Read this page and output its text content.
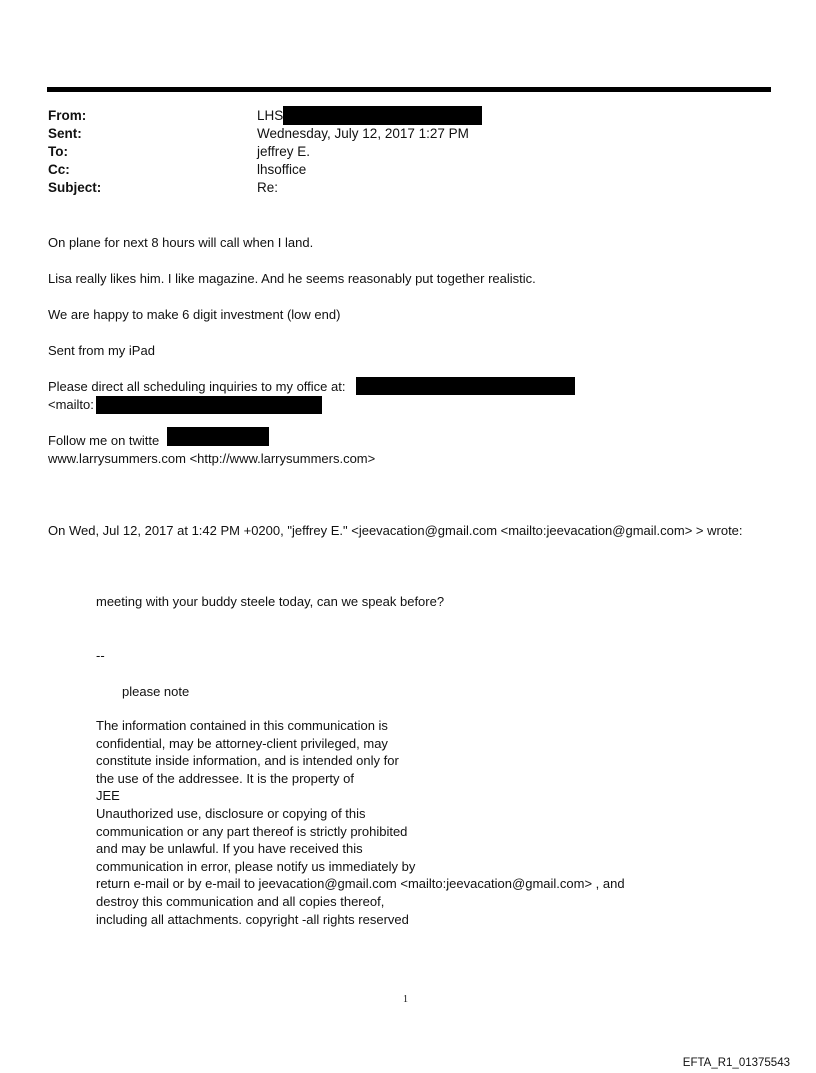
From:	LHS
Sent:	Wednesday, July 12, 2017 1:27 PM
To:	jeffrey E.
Cc:	lhsoffice
Subject:	Re:
On plane for next 8 hours will call when I land.
Lisa really likes him. I like magazine. And he seems reasonably put together realistic.
We are happy to make 6 digit investment (low end)
Sent from my iPad
Please direct all scheduling inquiries to my office at:
<mailto:
Follow me on twitte
www.larrysummers.com <http://www.larrysummers.com>
On Wed, Jul 12, 2017 at 1:42 PM +0200, "jeffrey E." <jeevacation@gmail.com <mailto:jeevacation@gmail.com> > wrote:
meeting with your buddy steele today, can we speak before?
--
please note
The information contained in this communication is
confidential, may be attorney-client privileged, may
constitute inside information, and is intended only for
the use of the addressee. It is the property of
JEE
Unauthorized use, disclosure or copying of this
communication or any part thereof is strictly prohibited
and may be unlawful. If you have received this
communication in error, please notify us immediately by
return e-mail or by e-mail to jeevacation@gmail.com <mailto:jeevacation@gmail.com> , and
destroy this communication and all copies thereof,
including all attachments. copyright -all rights reserved
1
EFTA_R1_01375543
